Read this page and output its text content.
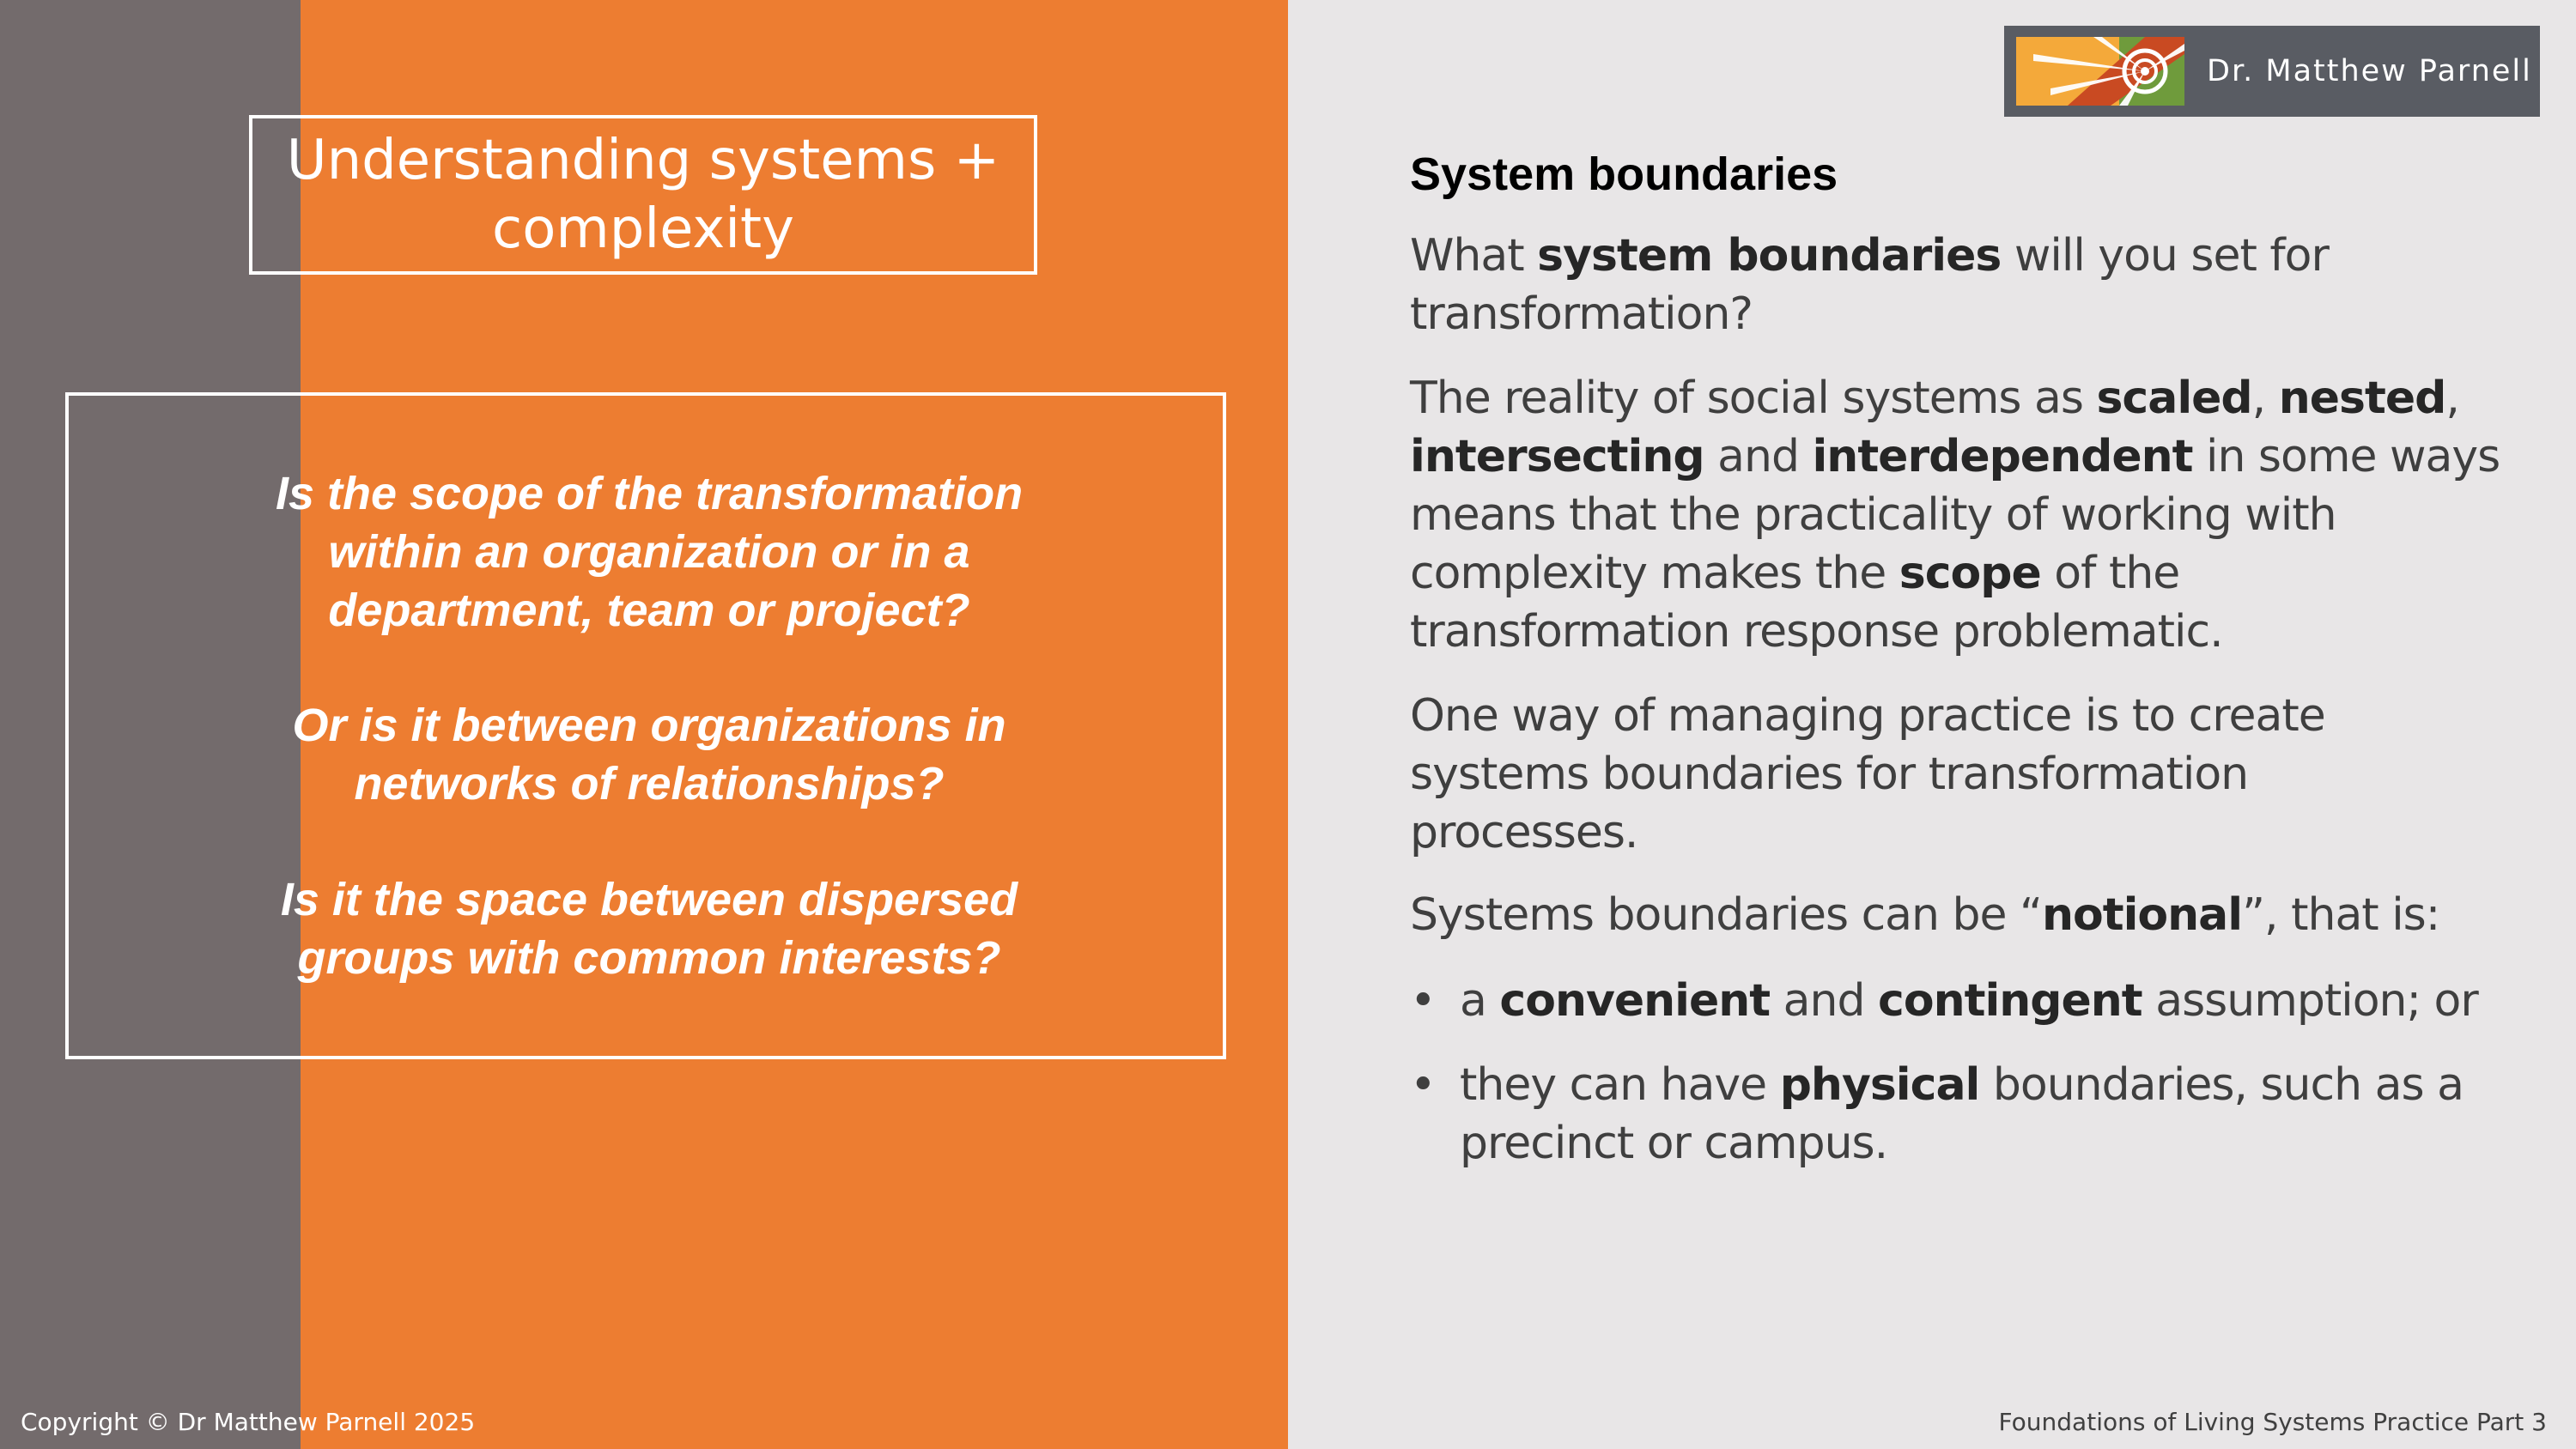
Understanding systems + complexity
Is the scope of the transformation
within an organization or in a
department, team or project?
Or is it between organizations in
networks of relationships?
Is it the space between dispersed
groups with common interests?
Dr. Matthew Parnell
System boundaries
What system boundaries will you set for
transformation?
The reality of social systems as scaled, nested,
intersecting and interdependent in some ways
means that the practicality of working with
complexity makes the scope of the
transformation response problematic.
One way of managing practice is to create
systems boundaries for transformation
processes.
Systems boundaries can be “notional”, that is:
• a convenient and contingent assumption; or
• they can have physical boundaries, such as a
precinct or campus.
Copyright © Dr Matthew Parnell 2025	Foundations of Living Systems Practice Part 3
